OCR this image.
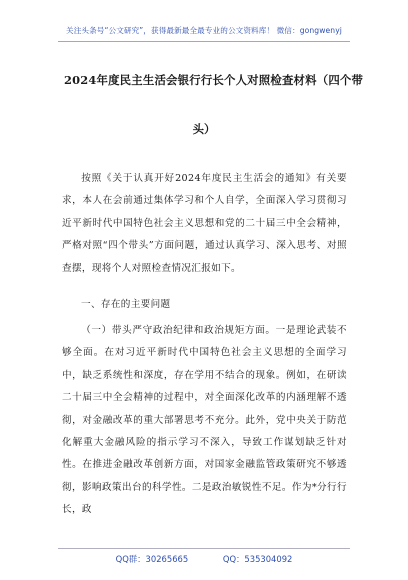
关注头条号“公文研究”，获得最新最全最专业的公文资料库！ 微信：gongwenyj
2024年度民主生活会银行行长个人对照检查材料（四个带
头）
按照《关于认真开好2024年度民主生活会的通知》有关要求，本人在会前通过集体学习和个人自学，全面深入学习贯彻习近平新时代中国特色社会主义思想和党的二十届三中全会精神，严格对照“四个带头”方面问题，通过认真学习、深入思考、对照查摆，现将个人对照检查情况汇报如下。
一、存在的主要问题
（一）带头严守政治纪律和政治规矩方面。一是理论武装不够全面。在对习近平新时代中国特色社会主义思想的全面学习中，缺乏系统性和深度，存在学用不结合的现象。例如，在研读二十届三中全会精神的过程中，对全面深化改革的内涵理解不透彻，对金融改革的重大部署思考不充分。此外，党中央关于防范化解重大金融风险的指示学习不深入，导致工作谋划缺乏针对性。在推进金融改革创新方面，对国家金融监管政策研究不够透彻，影响政策出台的科学性。二是政治敏锐性不足。作为*分行行长，政
QQ群：30265665	QQ：535304092
